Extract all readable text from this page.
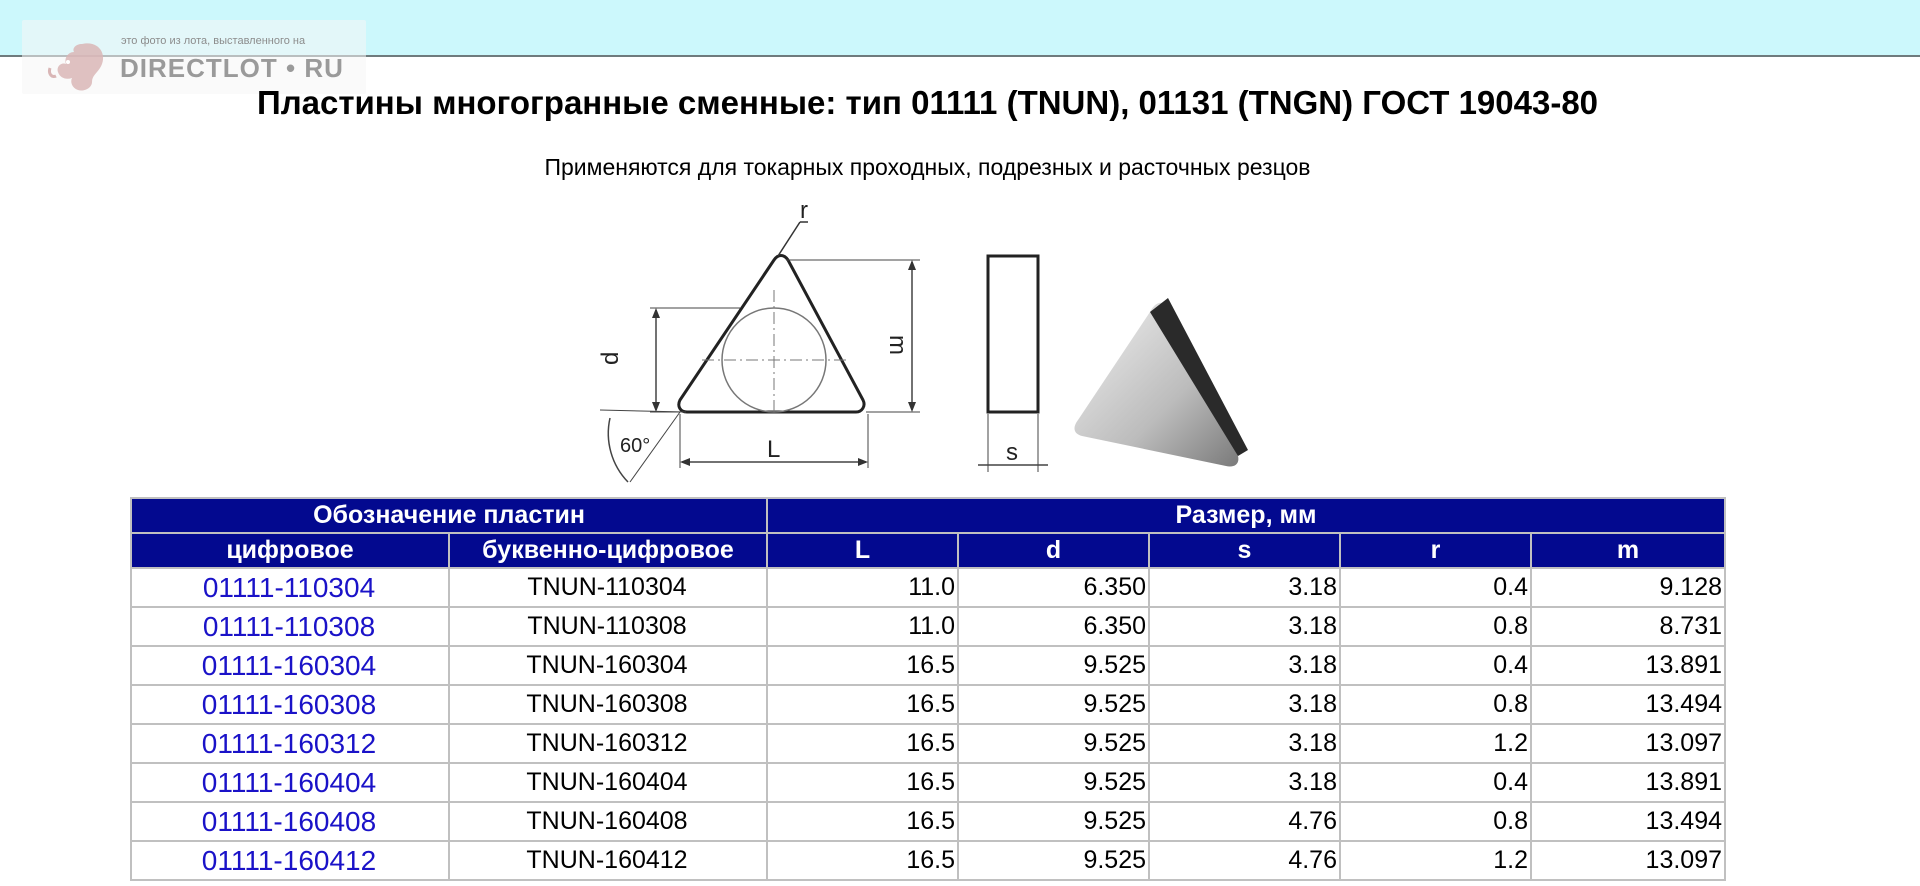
это фото из лота, выставленного на
DIRECTLOT • RU
Пластины многогранные сменные: тип 01111 (TNUN), 01131 (TNGN) ГОСТ 19043-80
Применяются для токарных проходных, подрезных и расточных резцов
r
m
d
L
60°	s
Обозначение пластин		Размер, мм				
цифровое	буквенно-цифровое	L	d	s	r	m
01111-110304	TNUN-110304	11.0	6.350	3.18	0.4	9.128
01111-110308	TNUN-110308	11.0	6.350	3.18	0.8	8.731
01111-160304	TNUN-160304	16.5	9.525	3.18	0.4	13.891
01111-160308	TNUN-160308	16.5	9.525	3.18	0.8	13.494
01111-160312	TNUN-160312	16.5	9.525	3.18	1.2	13.097
01111-160404	TNUN-160404	16.5	9.525	3.18	0.4	13.891
01111-160408	TNUN-160408	16.5	9.525	4.76	0.8	13.494
01111-160412	TNUN-160412	16.5	9.525	4.76	1.2	13.097
